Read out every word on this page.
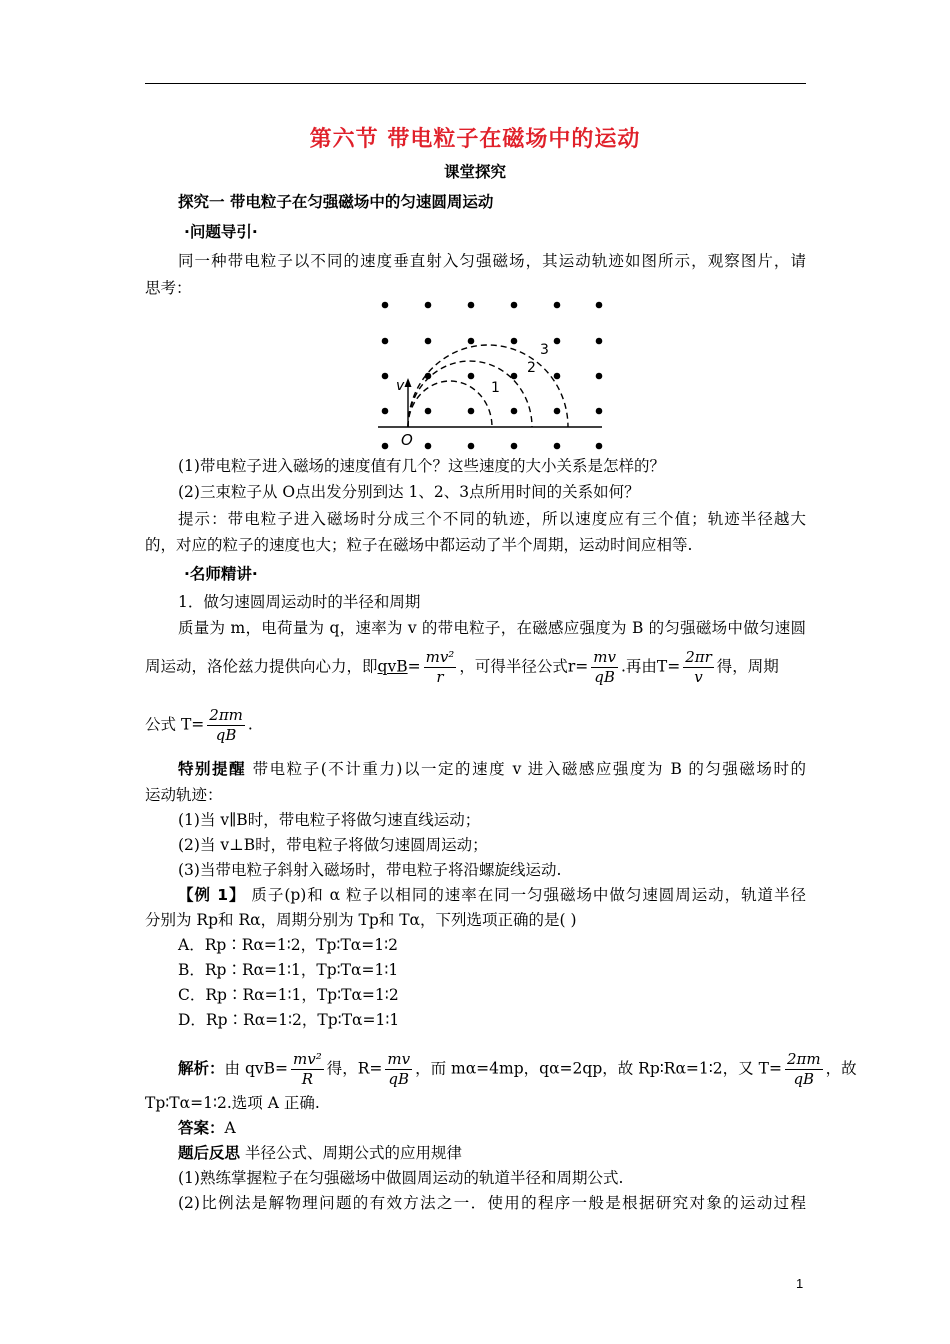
第六节 带电粒子在磁场中的运动
课堂探究
探究一 带电粒子在匀强磁场中的匀速圆周运动
·问题导引·
同一种带电粒子以不同的速度垂直射入匀强磁场，其运动轨迹如图所示，观察图片，请
思考：
v
O
1
2
3
(1)带电粒子进入磁场的速度值有几个？这些速度的大小关系是怎样的？
(2)三束粒子从 O点出发分别到达 1、2、3点所用时间的关系如何？
提示：带电粒子进入磁场时分成三个不同的轨迹，所以速度应有三个值；轨迹半径越大
的，对应的粒子的速度也大；粒子在磁场中都运动了半个周期，运动时间应相等.
·名师精讲·
1．做匀速圆周运动时的半径和周期
质量为 m，电荷量为 q，速率为 v 的带电粒子，在磁感应强度为 B 的匀强磁场中做匀速圆
周运动，洛伦兹力提供向心力，即$qvB= \frac{\text{mv²}}{r}$ ，可得半径公式$r= \frac{mv}{qB}$ .再由$T= \frac{2\pi r}{v}$ 得，周期
公式 $T= \frac{2\pi m}{qB}$ .
特别提醒 带电粒子(不计重力)以一定的速度 v 进入磁感应强度为 B 的匀强磁场时的
运动轨迹：
(1)当 v∥B时，带电粒子将做匀速直线运动；
(2)当 v⊥B时，带电粒子将做匀速圆周运动；
(3)当带电粒子斜射入磁场时，带电粒子将沿螺旋线运动.
【例 1】 质子(p)和 α 粒子以相同的速率在同一匀强磁场中做匀速圆周运动，轨道半径
分别为 Rp和 Rα，周期分别为 Tp和 Tα，下列选项正确的是( )
A．Rp∶Rα=1∶2，Tp∶Tα=1∶2
B．Rp∶Rα=1∶1，Tp∶Tα=1∶1
C．Rp∶Rα=1∶1，Tp∶Tα=1∶2
D．Rp∶Rα=1∶2，Tp∶Tα=1∶1
解析：由 $qvB= \frac{\text{mv²}}{R}$ 得，$R= \frac{mv}{qB}$ ，而 mα=4mp，qα=2qp，故 Rp∶Rα=1∶2，又 $T= \frac{2\pi m}{qB}$ ，故
Tp∶Tα=1∶2.选项 A 正确.
答案：A
题后反思 半径公式、周期公式的应用规律
(1)熟练掌握粒子在匀强磁场中做圆周运动的轨道半径和周期公式.
(2)比例法是解物理问题的有效方法之一．使用的程序一般是根据研究对象的运动过程
1
